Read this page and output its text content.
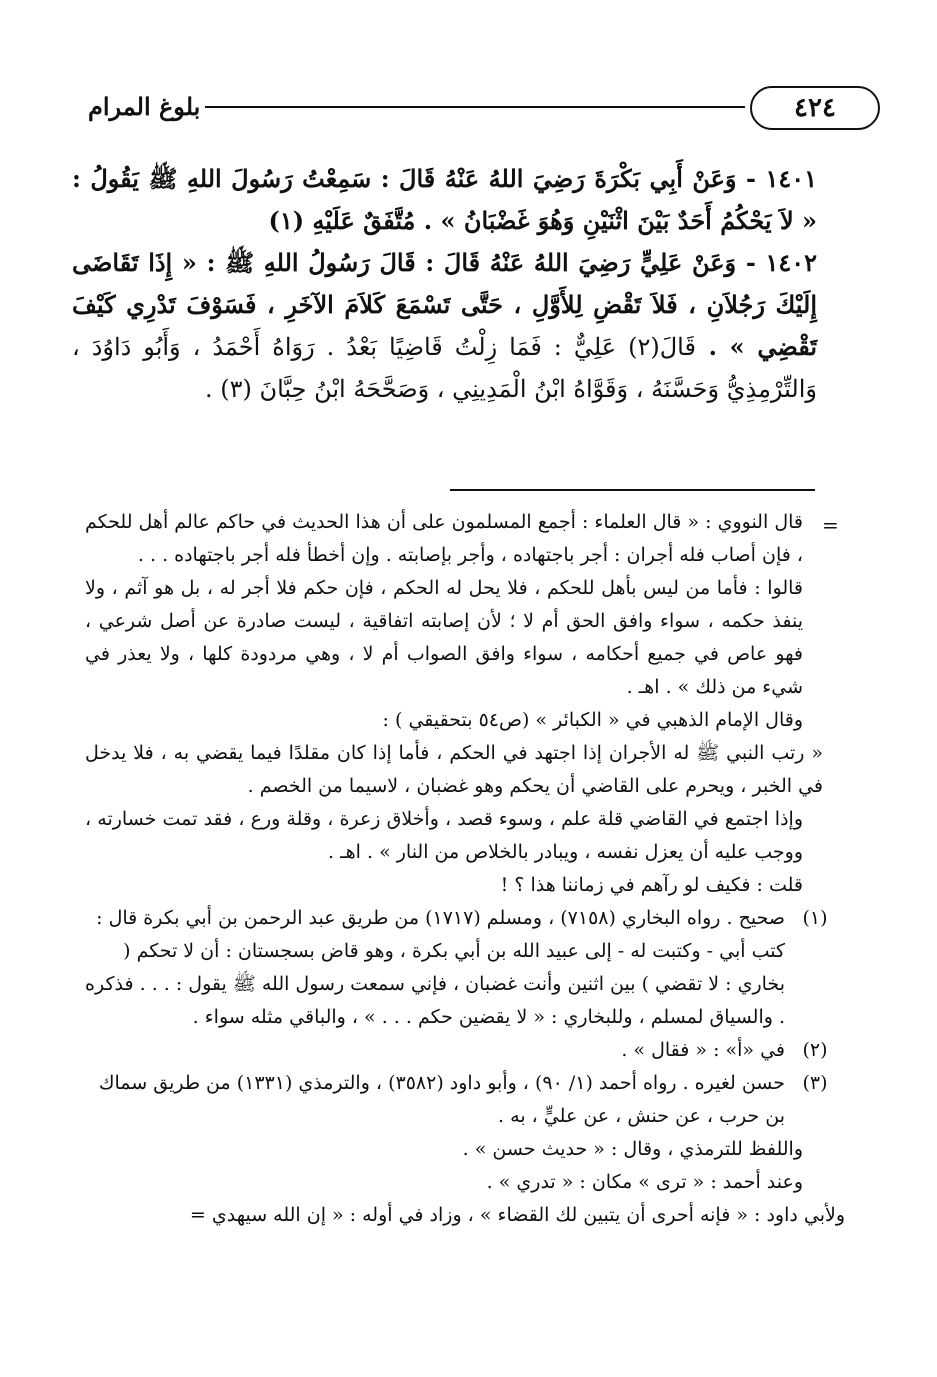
٤٢٤
بلوغ المرام

١٤٠١ - وَعَنْ أَبِي بَكْرَةَ رَضِيَ اللهُ عَنْهُ قَالَ : سَمِعْتُ رَسُولَ اللهِ ﷺ يَقُولُ : « لاَ يَحْكُمُ أَحَدٌ بَيْنَ اثْنَيْنِ وَهُوَ غَضْبَانُ » . مُتَّفَقٌ عَلَيْهِ (١)

١٤٠٢ - وَعَنْ عَلِيٍّ رَضِيَ اللهُ عَنْهُ قَالَ : قَالَ رَسُولُ اللهِ ﷺ : « إِذَا تَقَاضَى إِلَيْكَ رَجُلاَنِ ، فَلاَ تَقْضِ لِلأَوَّلِ ، حَتَّى تَسْمَعَ كَلاَمَ الآخَرِ ، فَسَوْفَ تَدْرِي كَيْفَ تَقْضِي » . قَالَ(٢) عَلِيٌّ : فَمَا زِلْتُ قَاضِيًا بَعْدُ . رَوَاهُ أَحْمَدُ ، وَأَبُو دَاوُدَ ، وَالتِّرْمِذِيُّ وَحَسَّنَهُ ، وَقَوَّاهُ ابْنُ الْمَدِينِي ، وَصَحَّحَهُ ابْنُ حِبَّانَ (٣) .

=

قال النووي : « قال العلماء : أجمع المسلمون على أن هذا الحديث في حاكم عالم أهل للحكم ، فإن أصاب فله أجران : أجر باجتهاده ، وأجر بإصابته . وإن أخطأ فله أجر باجتهاده . . .

قالوا : فأما من ليس بأهل للحكم ، فلا يحل له الحكم ، فإن حكم فلا أجر له ، بل هو آثم ، ولا ينفذ حكمه ، سواء وافق الحق أم لا ؛ لأن إصابته اتفاقية ، ليست صادرة عن أصل شرعي ، فهو عاص في جميع أحكامه ، سواء وافق الصواب أم لا ، وهي مردودة كلها ، ولا يعذر في شيء من ذلك » . اهـ .

وقال الإمام الذهبي في « الكبائر » (ص٥٤ بتحقيقي ) :

« رتب النبي ﷺ له الأجران إذا اجتهد في الحكم ، فأما إذا كان مقلدًا فيما يقضي به ، فلا يدخل في الخبر ، ويحرم على القاضي أن يحكم وهو غضبان ، لاسيما من الخصم .

وإذا اجتمع في القاضي قلة علم ، وسوء قصد ، وأخلاق زعرة ، وقلة ورع ، فقد تمت خسارته ، ووجب عليه أن يعزل نفسه ، ويبادر بالخلاص من النار » . اهـ .

قلت : فكيف لو رآهم في زماننا هذا ؟ !

(١)
صحيح . رواه البخاري (٧١٥٨) ، ومسلم (١٧١٧) من طريق عبد الرحمن بن أبي بكرة قال : كتب أبي - وكتبت له - إلى عبيد الله بن أبي بكرة ، وهو قاض بسجستان : أن لا تحكم ( بخاري : لا تقضي ) بين اثنين وأنت غضبان ، فإني سمعت رسول الله ﷺ يقول : . . . فذكره . والسياق لمسلم ، وللبخاري : « لا يقضين حكم . . . » ، والباقي مثله سواء .
(٢)
في «أ» : « فقال » .
(٣)
حسن لغيره . رواه أحمد (١/ ٩٠) ، وأبو داود (٣٥٨٢) ، والترمذي (١٣٣١) من طريق سماك بن حرب ، عن حنش ، عن عليٍّ ، به .

واللفظ للترمذي ، وقال : « حديث حسن » .

وعند أحمد : « ترى » مكان : « تدري » .

ولأبي داود : « فإنه أحرى أن يتبين لك القضاء » ، وزاد في أوله : « إن الله سيهدي =
